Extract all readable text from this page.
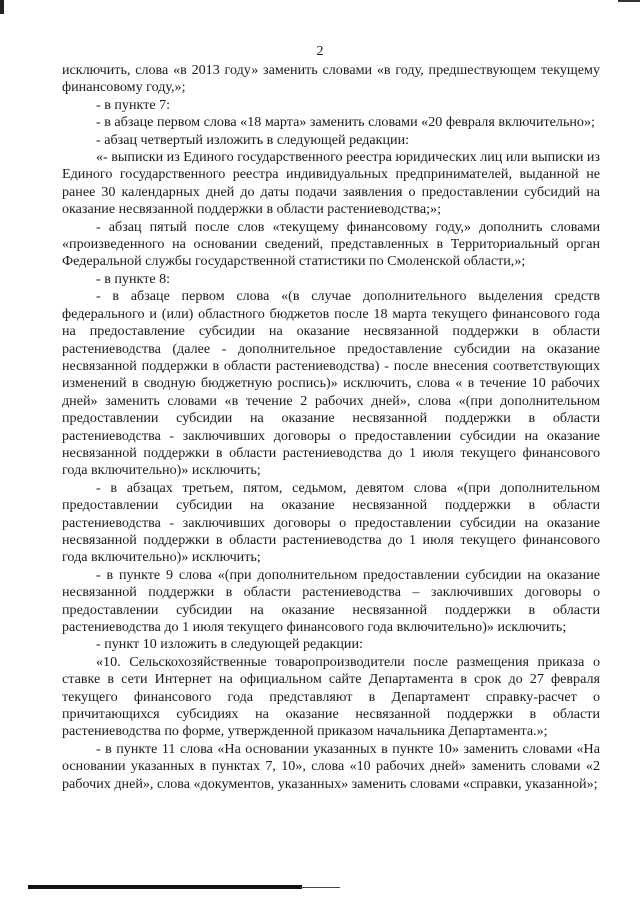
2

исключить, слова «в 2013 году» заменить словами «в году, предшествующем текущему финансовому году,»;

- в пункте 7:

- в абзаце первом слова «18 марта» заменить словами «20 февраля включительно»;

- абзац четвертый изложить в следующей редакции:

«- выписки из Единого государственного реестра юридических лиц или выписки из Единого государственного реестра индивидуальных предпринимателей, выданной не ранее 30 календарных дней до даты подачи заявления о предоставлении субсидий на оказание несвязанной поддержки в области растениеводства;»;

- абзац пятый после слов «текущему финансовому году,» дополнить словами «произведенного на основании сведений, представленных в Территориальный орган Федеральной службы государственной статистики по Смоленской области,»;

- в пункте 8:

- в абзаце первом слова «(в случае дополнительного выделения средств федерального и (или) областного бюджетов после 18 марта текущего финансового года на предоставление субсидии на оказание несвязанной поддержки в области растениеводства (далее - дополнительное предоставление субсидии на оказание несвязанной поддержки в области растениеводства) - после внесения соответствующих изменений в сводную бюджетную роспись)» исключить, слова « в течение 10 рабочих дней» заменить словами «в течение 2 рабочих дней», слова «(при дополнительном предоставлении субсидии на оказание несвязанной поддержки в области растениеводства - заключивших договоры о предоставлении субсидии на оказание несвязанной поддержки в области растениеводства до 1 июля текущего финансового года включительно)» исключить;

- в абзацах третьем, пятом, седьмом, девятом слова «(при дополнительном предоставлении субсидии на оказание несвязанной поддержки в области растениеводства - заключивших договоры о предоставлении субсидии на оказание несвязанной поддержки в области растениеводства до 1 июля текущего финансового года включительно)» исключить;

- в пункте 9 слова «(при дополнительном предоставлении субсидии на оказание несвязанной поддержки в области растениеводства – заключивших договоры о предоставлении субсидии на оказание несвязанной поддержки в области растениеводства до 1 июля текущего финансового года включительно)» исключить;

- пункт 10 изложить в следующей редакции:

«10. Сельскохозяйственные товаропроизводители после размещения приказа о ставке в сети Интернет на официальном сайте Департамента в срок до 27 февраля текущего финансового года представляют в Департамент справку-расчет о причитающихся субсидиях на оказание несвязанной поддержки в области растениеводства по форме, утвержденной приказом начальника Департамента.»;

- в пункте 11 слова «На основании указанных в пункте 10» заменить словами «На основании указанных в пунктах 7, 10», слова «10 рабочих дней» заменить словами «2 рабочих дней», слова «документов, указанных» заменить словами «справки, указанной»;
